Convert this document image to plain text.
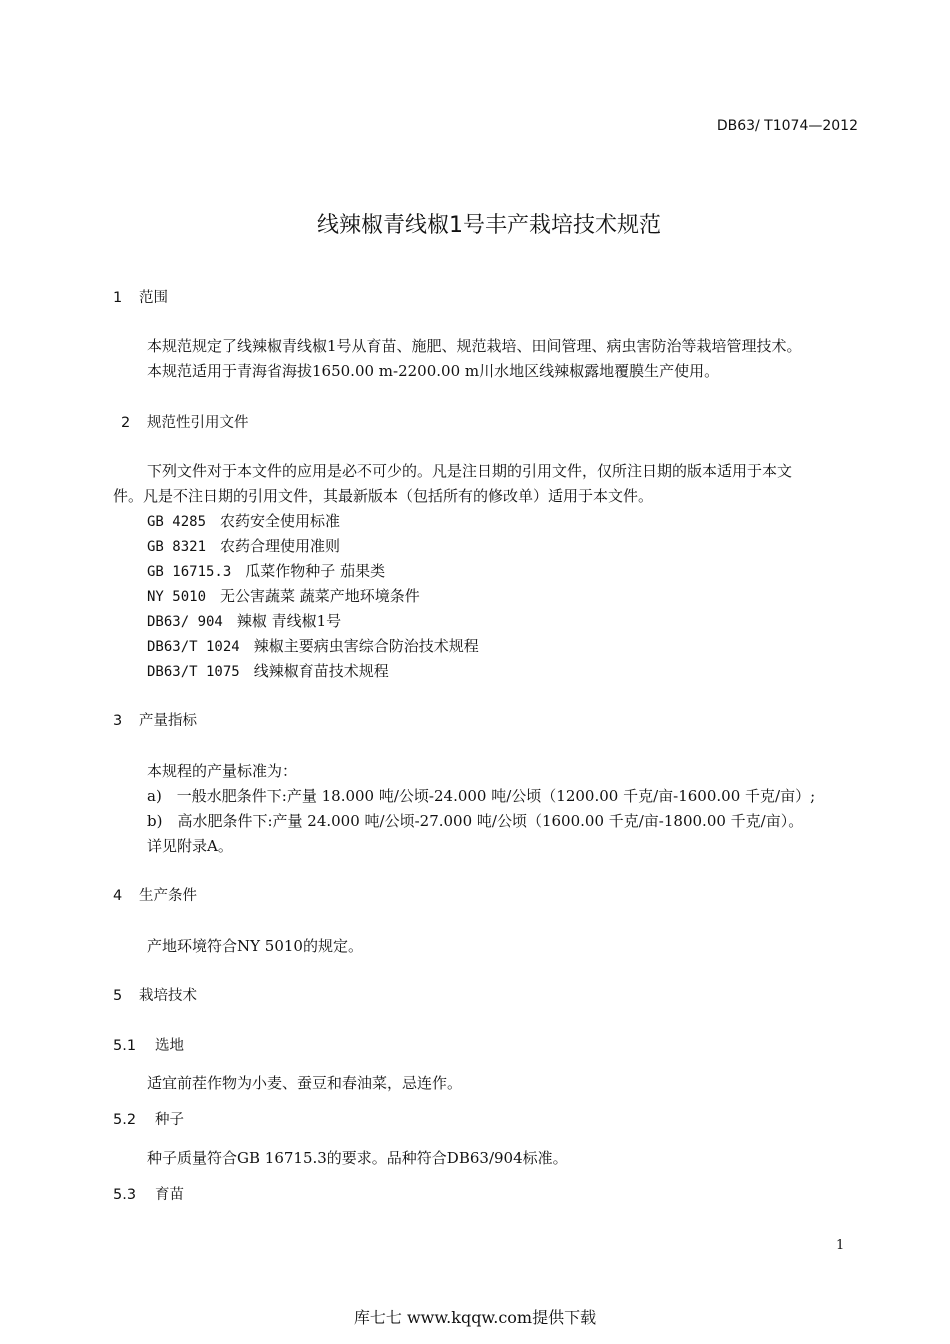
DB63/ T1074—2012
线辣椒青线椒1号丰产栽培技术规范
1 范围
本规范规定了线辣椒青线椒1号从育苗、施肥、规范栽培、田间管理、病虫害防治等栽培管理技术。
本规范适用于青海省海拔1650.00 m-2200.00 m川水地区线辣椒露地覆膜生产使用。
2 规范性引用文件
下列文件对于本文件的应用是必不可少的。凡是注日期的引用文件，仅所注日期的版本适用于本文
件。凡是不注日期的引用文件，其最新版本（包括所有的修改单）适用于本文件。
GB 4285 农药安全使用标准
GB 8321 农药合理使用准则
GB 16715.3 瓜菜作物种子 茄果类
NY 5010 无公害蔬菜 蔬菜产地环境条件
DB63/ 904 辣椒 青线椒1号
DB63/T 1024 辣椒主要病虫害综合防治技术规程
DB63/T 1075 线辣椒育苗技术规程
3 产量指标
本规程的产量标准为：
a)　一般水肥条件下:产量 18.000 吨/公顷-24.000 吨/公顷（1200.00 千克/亩-1600.00 千克/亩）;
b)　高水肥条件下:产量 24.000 吨/公顷-27.000 吨/公顷（1600.00 千克/亩-1800.00 千克/亩）。
详见附录A。
4 生产条件
产地环境符合NY 5010的规定。
5 栽培技术
5.1 选地
适宜前茬作物为小麦、蚕豆和春油菜，忌连作。
5.2 种子
种子质量符合GB 16715.3的要求。品种符合DB63/904标准。
5.3 育苗
1
库七七 www.kqqw.com提供下载
